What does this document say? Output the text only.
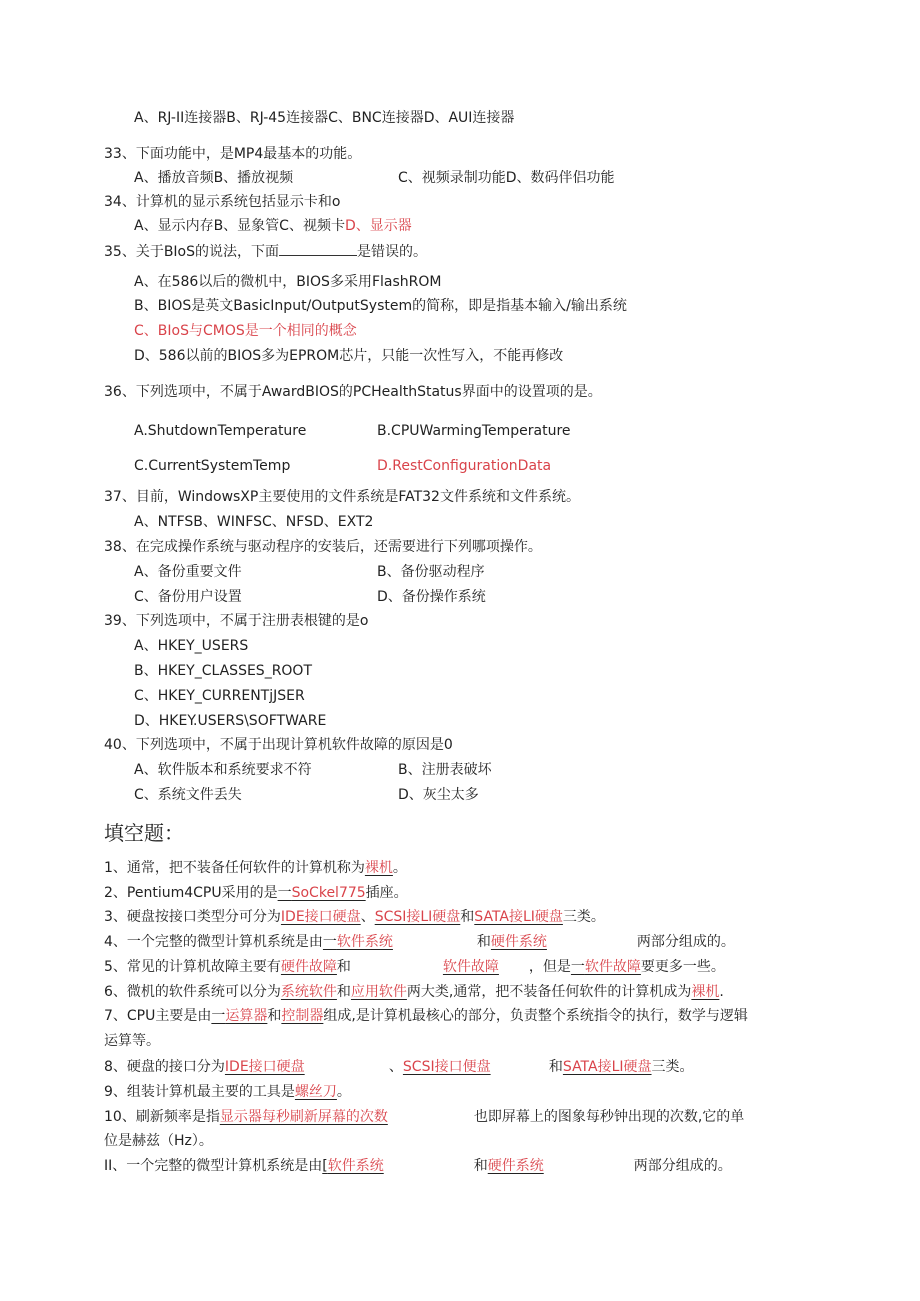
A、RJ-II连接器B、RJ-45连接器C、BNC连接器D、AUI连接器
33、下面功能中，是MP4最基本的功能。
A、播放音频B、播放视频	C、视频录制功能D、数码伴侣功能
34、计算机的显示系统包括显示卡和o
A、显示内存B、显象管C、视频卡D、显示器
35、关于BIoS的说法，下面	是错误的。
A、在586以后的微机中，BIOS多采用FlashROM
B、BIOS是英文BasicInput/OutputSystem的简称，即是指基本输入/输出系统
C、BIoS与CMOS是一个相同的概念
D、586以前的BIOS多为EPROM芯片，只能一次性写入，不能再修改
36、下列选项中，不属于AwardBIOS的PCHealthStatus界面中的设置项的是。
A.ShutdownTemperature	B.CPUWarmingTemperature
C.CurrentSystemTemp	D.RestConfigurationData
37、目前，WindowsXP主要使用的文件系统是FAT32文件系统和文件系统。
A、NTFSB、WINFSC、NFSD、EXT2
38、在完成操作系统与驱动程序的安装后，还需要进行下列哪项操作。
A、备份重要文件	B、备份驱动程序
C、备份用户设置	D、备份操作系统
39、下列选项中，不属于注册表根键的是o
A、HKEY_USERS
B、HKEY_CLASSES_ROOT
C、HKEY_CURRENTjJSER
D、HKEY.USERS\SOFTWARE
40、下列选项中，不属于出现计算机软件故障的原因是0
A、软件版本和系统要求不符	B、注册表破坏
C、系统文件丢失	D、灰尘太多
填空题：
1、通常，把不装备任何软件的计算机称为裸机。
2、Pentium4CPU采用的是一SoCkel775插座。
3、硬盘按接口类型分可分为IDE接口硬盘、SCSI接LI硬盘和SATA接LI硬盘三类。
4、一个完整的微型计算机系统是由一软件系统	和硬件系统	两部分组成的。
5、常见的计算机故障主要有硬件故障和	软件故障 ，但是一软件故障要更多一些。
6、微机的软件系统可以分为系统软件和应用软件两大类,通常，把不装备任何软件的计算机成为裸机.
7、CPU主要是由一运算器和控制器组成,是计算机最核心的部分，负责整个系统指令的执行，数学与逻辑
运算等。
8、硬盘的接口分为IDE接口硬盘	、SCSI接口便盘	和SATA接LI硬盘三类。
9、组装计算机最主要的工具是螺丝刀。
10、刷新频率是指显示器每秒刷新屏幕的次数	也即屏幕上的图象每秒钟出现的次数,它的单
位是赫兹（Hz）。
II、一个完整的微型计算机系统是由[软件系统	和硬件系统	两部分组成的。
